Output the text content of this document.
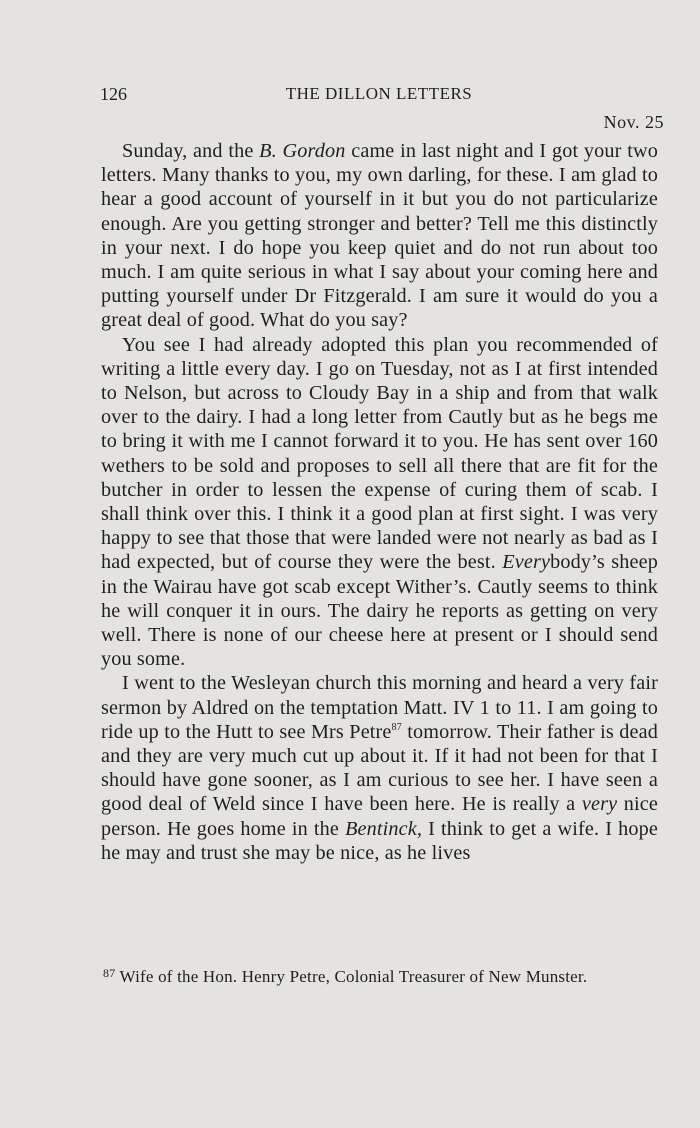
126	THE DILLON LETTERS
Nov. 25

Sunday, and the B. Gordon came in last night and I got your two letters. Many thanks to you, my own darling, for these. I am glad to hear a good account of yourself in it but you do not particularize enough. Are you getting stronger and better? Tell me this distinctly in your next. I do hope you keep quiet and do not run about too much. I am quite serious in what I say about your coming here and putting yourself under Dr Fitzgerald. I am sure it would do you a great deal of good. What do you say?

You see I had already adopted this plan you recommended of writing a little every day. I go on Tuesday, not as I at first intended to Nelson, but across to Cloudy Bay in a ship and from that walk over to the dairy. I had a long letter from Cautly but as he begs me to bring it with me I cannot forward it to you. He has sent over 160 wethers to be sold and proposes to sell all there that are fit for the butcher in order to lessen the expense of curing them of scab. I shall think over this. I think it a good plan at first sight. I was very happy to see that those that were landed were not nearly as bad as I had expected, but of course they were the best. Everybody’s sheep in the Wairau have got scab except Wither’s. Cautly seems to think he will conquer it in ours. The dairy he reports as getting on very well. There is none of our cheese here at present or I should send you some.

I went to the Wesleyan church this morning and heard a very fair sermon by Aldred on the temptation Matt. IV 1 to 11. I am going to ride up to the Hutt to see Mrs Petre$^{87}$ tomorrow. Their father is dead and they are very much cut up about it. If it had not been for that I should have gone sooner, as I am curious to see her. I have seen a good deal of Weld since I have been here. He is really a very nice person. He goes home in the Bentinck, I think to get a wife. I hope he may and trust she may be nice, as he lives

$^{87}$ Wife of the Hon. Henry Petre, Colonial Treasurer of New Munster.
